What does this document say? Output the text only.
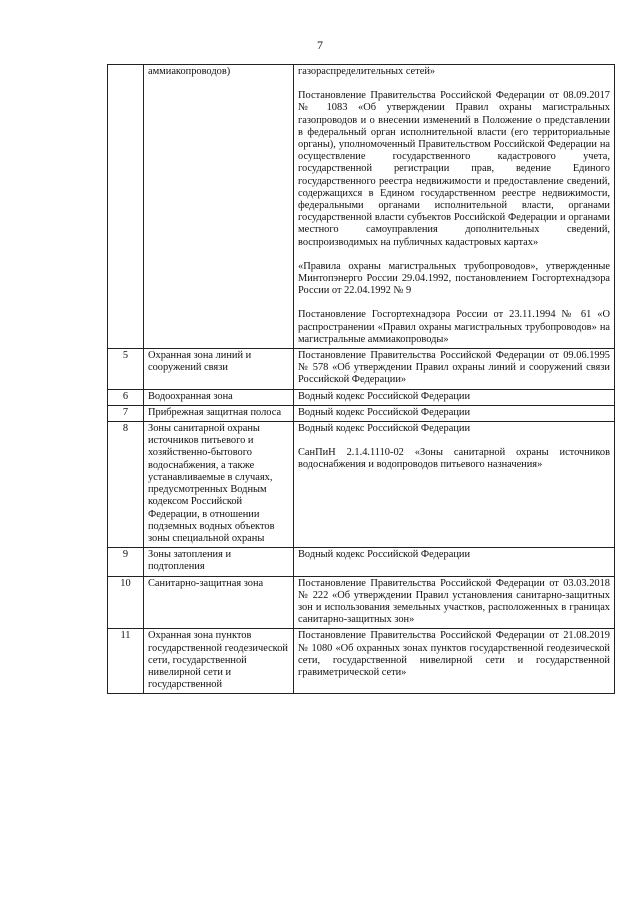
7
	аммиакопроводов)	газораспределительных сетей»

Постановление Правительства Российской Федерации от 08.09.2017 № 1083 «Об утверждении Правил охраны магистральных газопроводов и о внесении изменений в Положение о представлении в федеральный орган исполнительной власти (его территориальные органы), уполномоченный Правительством Российской Федерации на осуществление государственного кадастрового учета, государственной регистрации прав, ведение Единого государственного реестра недвижимости и предоставление сведений, содержащихся в Едином государственном реестре недвижимости, федеральными органами исполнительной власти, органами государственной власти субъектов Российской Федерации и органами местного самоуправления дополнительных сведений, воспроизводимых на публичных кадастровых картах»

«Правила охраны магистральных трубопроводов», утвержденные Минтопэнерго России 29.04.1992, постановлением Госгортехнадзора России от 22.04.1992 № 9

Постановление Госгортехнадзора России от 23.11.1994 № 61 «О распространении «Правил охраны магистральных трубопроводов» на магистральные аммиакопроводы»

5	Охранная зона линий и сооружений связи	Постановление Правительства Российской Федерации от 09.06.1995 № 578 «Об утверждении Правил охраны линий и сооружений связи Российской Федерации»

6	Водоохранная зона	Водный кодекс Российской Федерации

7	Прибрежная защитная полоса	Водный кодекс Российской Федерации

8	Зоны санитарной охраны источников питьевого и хозяйственно-бытового водоснабжения, а также устанавливаемые в случаях, предусмотренных Водным кодексом Российской Федерации, в отношении подземных водных объектов зоны специальной охраны	Водный кодекс Российской Федерации

СанПиН 2.1.4.1110-02 «Зоны санитарной охраны источников водоснабжения и водопроводов питьевого назначения»

9	Зоны затопления и подтопления	Водный кодекс Российской Федерации

10	Санитарно-защитная зона	Постановление Правительства Российской Федерации от 03.03.2018 № 222 «Об утверждении Правил установления санитарно-защитных зон и использования земельных участков, расположенных в границах санитарно-защитных зон»

11	Охранная зона пунктов государственной геодезической сети, государственной нивелирной сети и государственной	Постановление Правительства Российской Федерации от 21.08.2019 № 1080 «Об охранных зонах пунктов государственной геодезической сети, государственной нивелирной сети и государственной гравиметрической сети»
